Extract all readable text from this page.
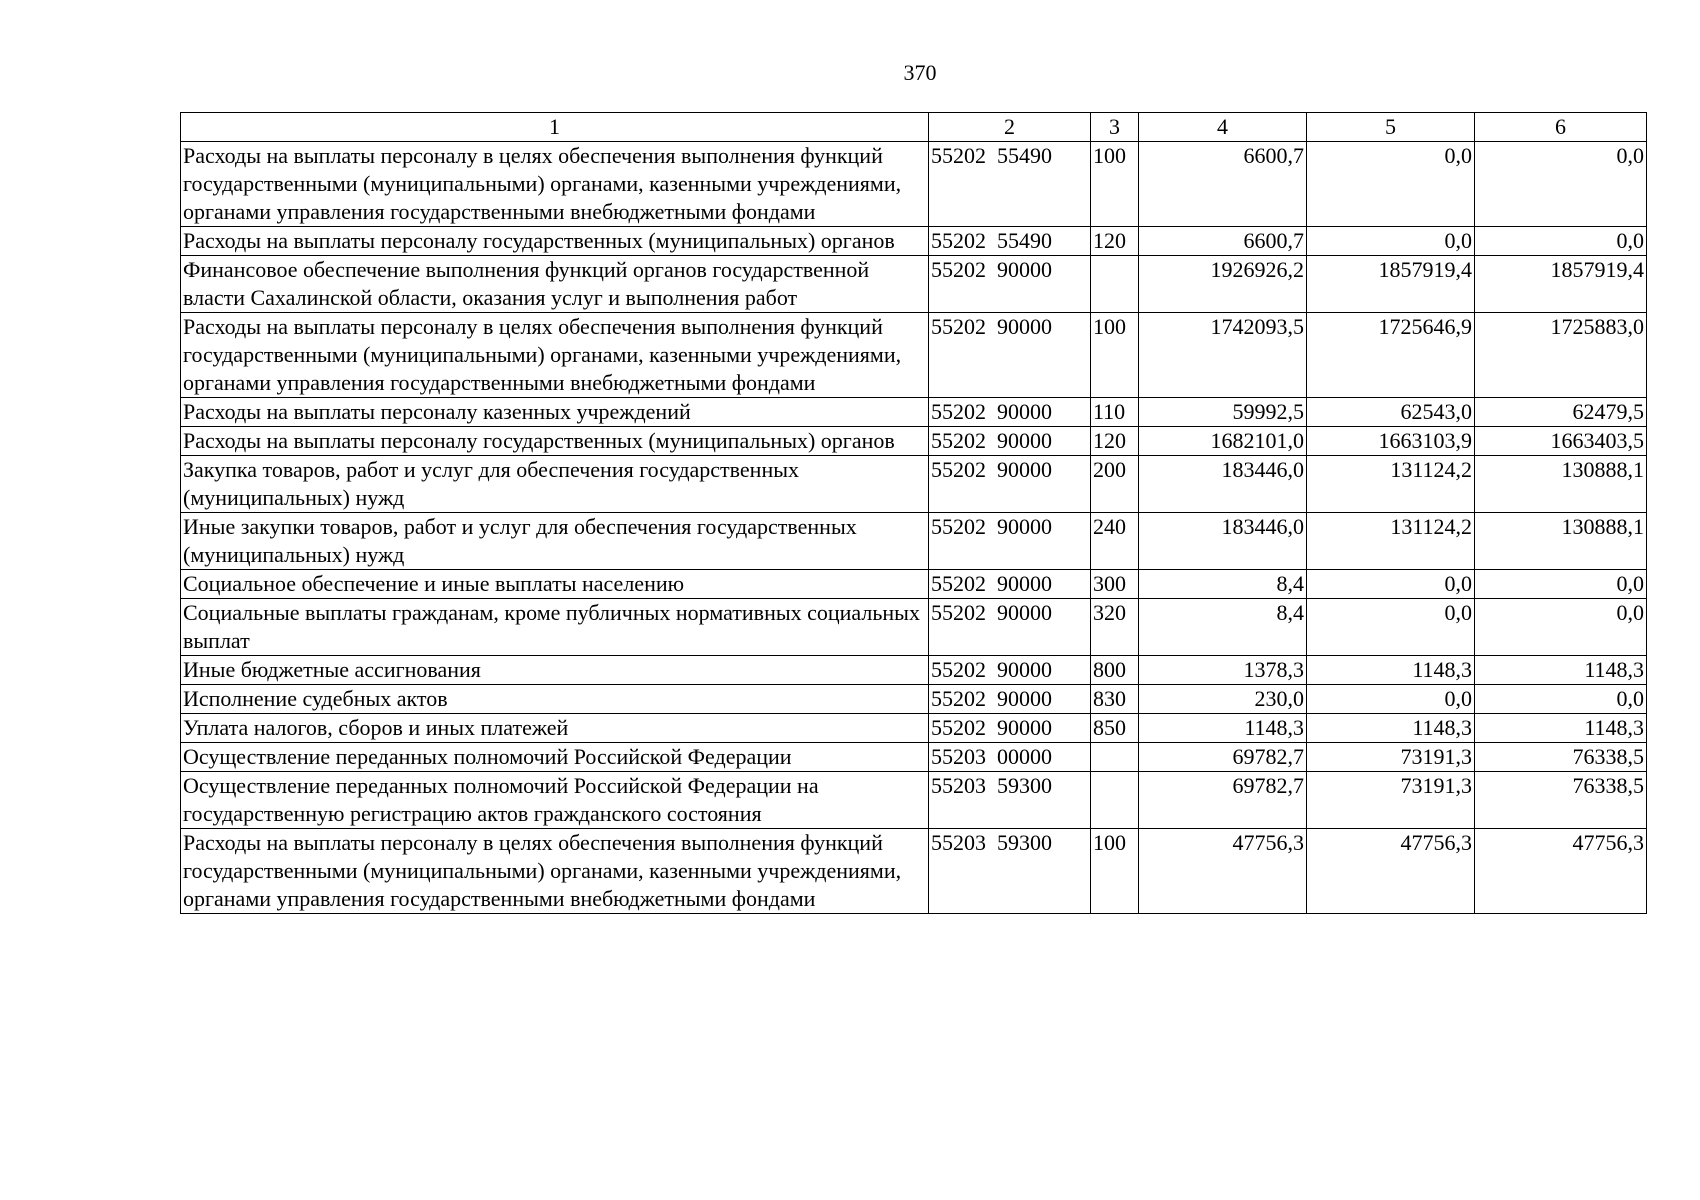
370
1	2	3	4	5	6
Расходы на выплаты персоналу в целях обеспечения выполнения функций государственными (муниципальными) органами, казенными учреждениями, органами управления государственными внебюджетными фондами	55202  55490	100	6600,7	0,0	0,0
Расходы на выплаты персоналу государственных (муниципальных) органов	55202  55490	120	6600,7	0,0	0,0
Финансовое обеспечение выполнения функций органов государственной власти Сахалинской области, оказания услуг и выполнения работ	55202  90000		1926926,2	1857919,4	1857919,4
Расходы на выплаты персоналу в целях обеспечения выполнения функций государственными (муниципальными) органами, казенными учреждениями, органами управления государственными внебюджетными фондами	55202  90000	100	1742093,5	1725646,9	1725883,0
Расходы на выплаты персоналу казенных учреждений	55202  90000	110	59992,5	62543,0	62479,5
Расходы на выплаты персоналу государственных (муниципальных) органов	55202  90000	120	1682101,0	1663103,9	1663403,5
Закупка товаров, работ и услуг для обеспечения государственных (муниципальных) нужд	55202  90000	200	183446,0	131124,2	130888,1
Иные закупки товаров, работ и услуг для обеспечения государственных (муниципальных) нужд	55202  90000	240	183446,0	131124,2	130888,1
Социальное обеспечение и иные выплаты населению	55202  90000	300	8,4	0,0	0,0
Социальные выплаты гражданам, кроме публичных нормативных социальных выплат	55202  90000	320	8,4	0,0	0,0
Иные бюджетные ассигнования	55202  90000	800	1378,3	1148,3	1148,3
Исполнение судебных актов	55202  90000	830	230,0	0,0	0,0
Уплата налогов, сборов и иных платежей	55202  90000	850	1148,3	1148,3	1148,3
Осуществление переданных полномочий Российской Федерации	55203  00000		69782,7	73191,3	76338,5
Осуществление переданных полномочий Российской Федерации на государственную регистрацию актов гражданского состояния	55203  59300		69782,7	73191,3	76338,5
Расходы на выплаты персоналу в целях обеспечения выполнения функций государственными (муниципальными) органами, казенными учреждениями, органами управления государственными внебюджетными фондами	55203  59300	100	47756,3	47756,3	47756,3
